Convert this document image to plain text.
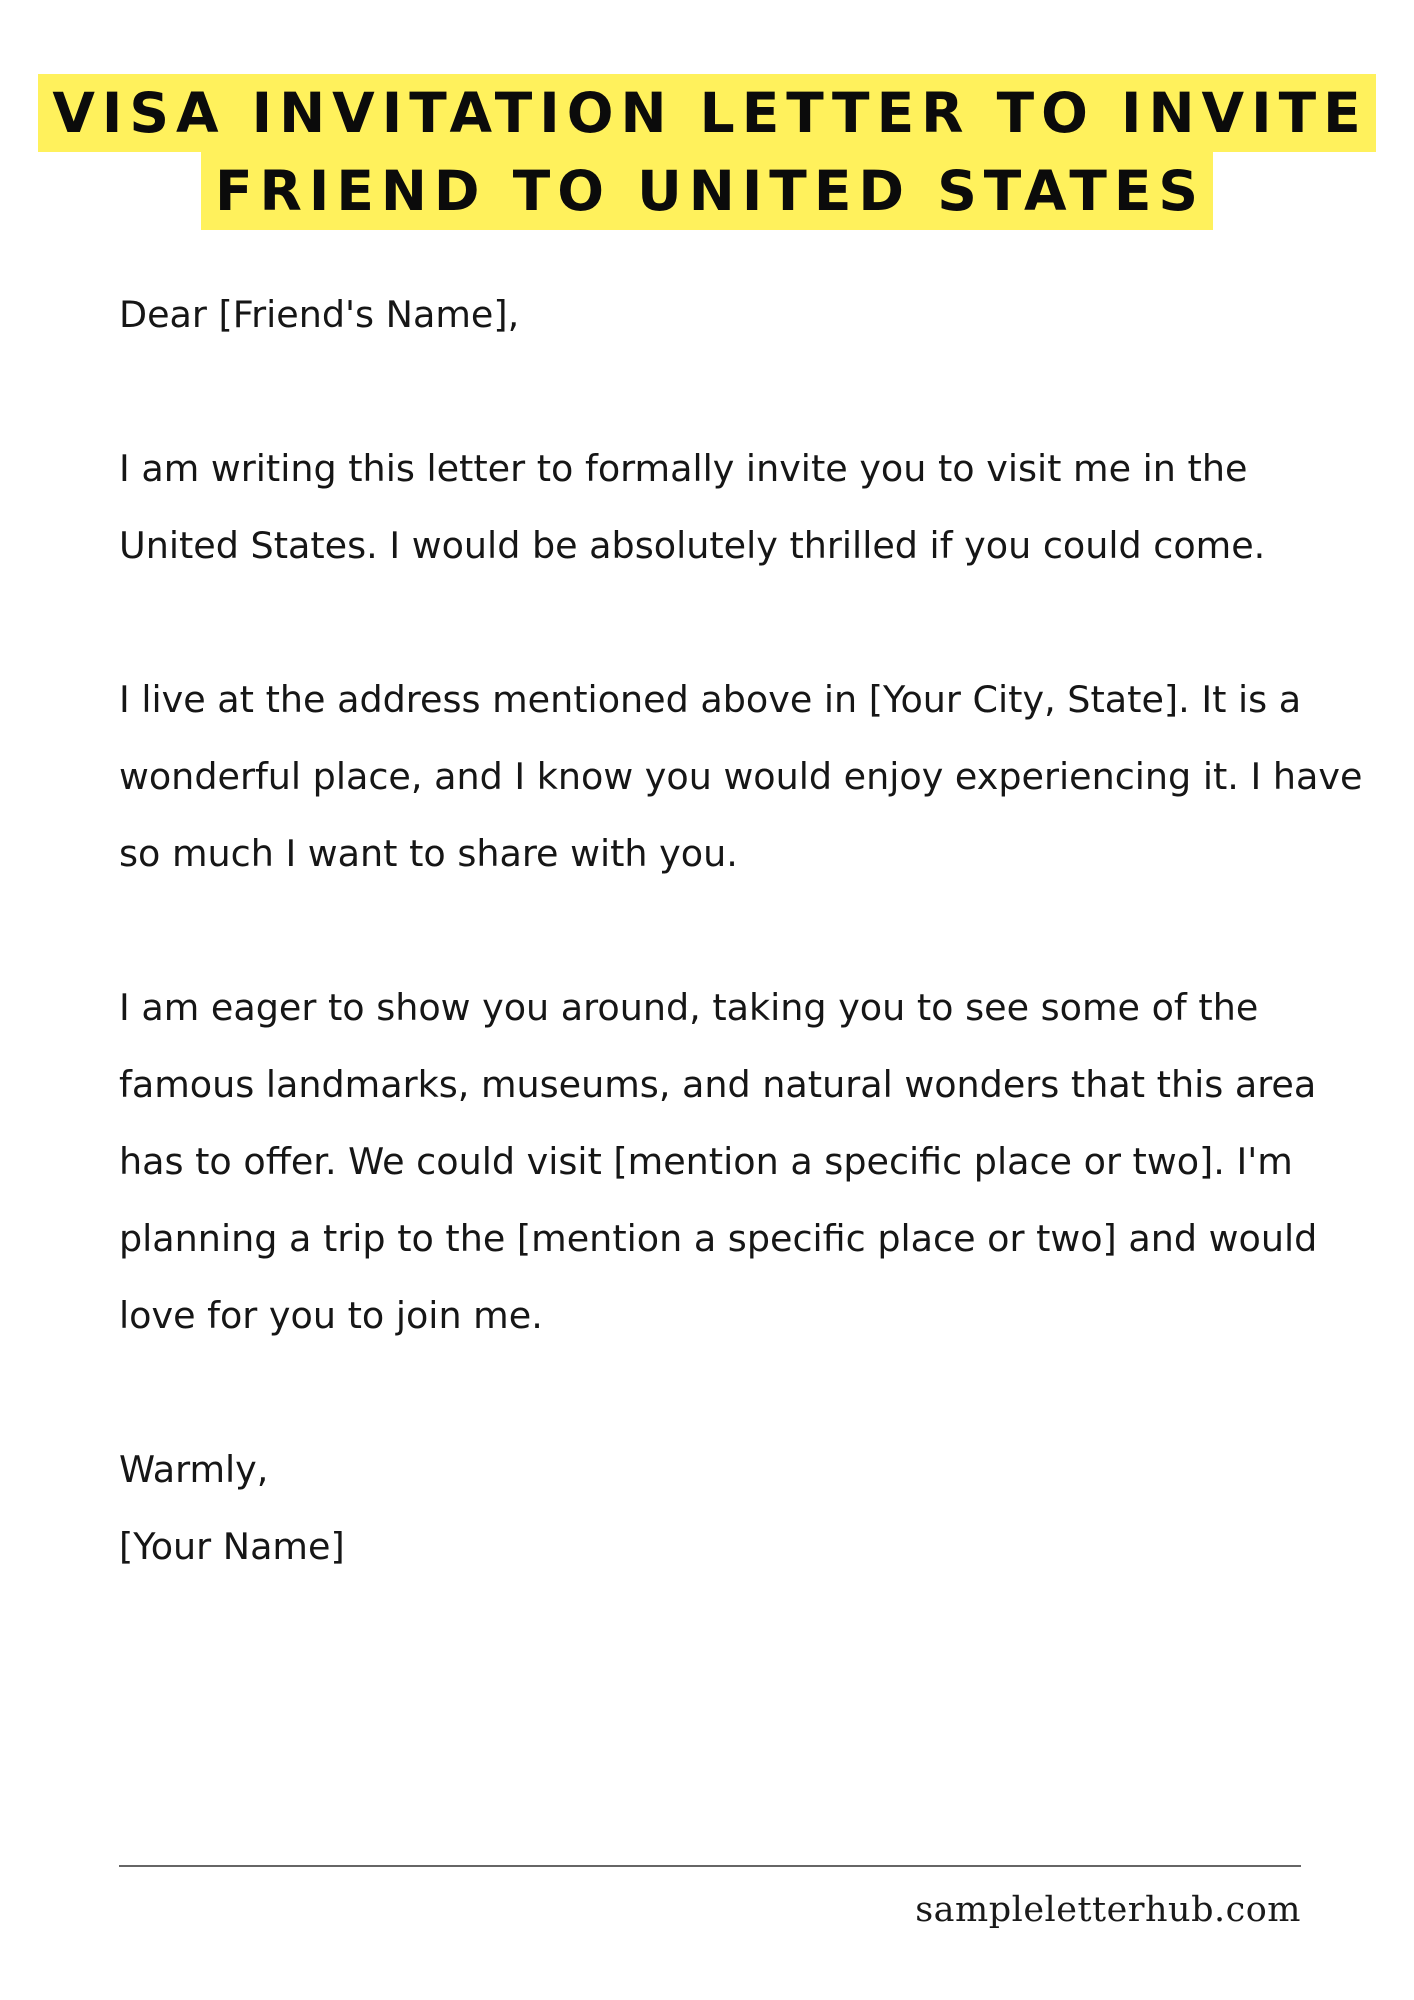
VISA INVITATION LETTER TO INVITE
FRIEND TO UNITED STATES

Dear [Friend's Name],

I am writing this letter to formally invite you to visit me in the United States. I would be absolutely thrilled if you could come.

I live at the address mentioned above in [Your City, State]. It is a wonderful place, and I know you would enjoy experiencing it. I have so much I want to share with you.

I am eager to show you around, taking you to see some of the famous landmarks, museums, and natural wonders that this area has to offer. We could visit [mention a specific place or two]. I'm planning a trip to the [mention a specific place or two] and would love for you to join me.

Warmly,
[Your Name]
sampleletterhub.com
